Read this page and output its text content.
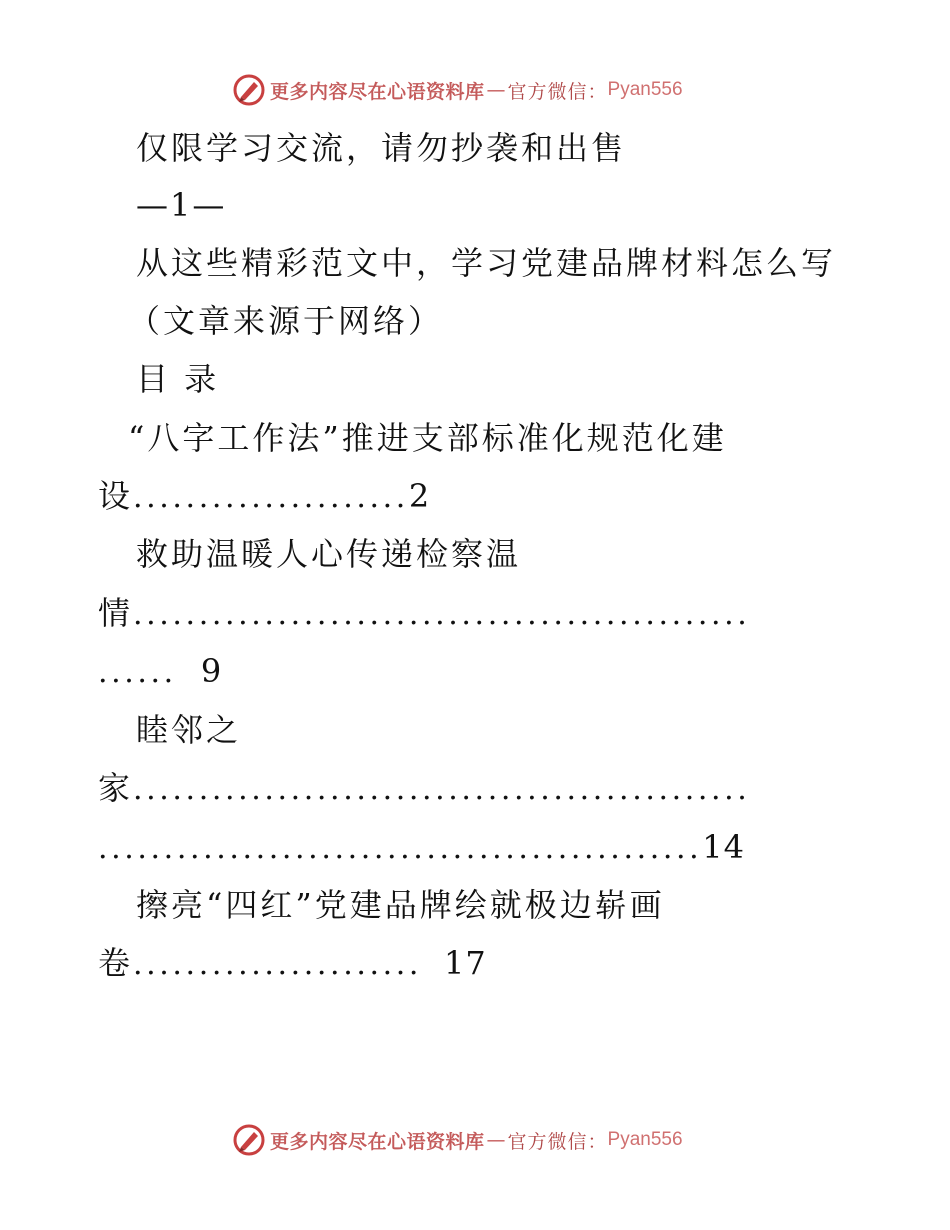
更多内容尽在心语资料库 — 官方微信： Pyan556
仅限学习交流，请勿抄袭和出售
—1—
从这些精彩范文中，学习党建品牌材料怎么写
（文章来源于网络）
目 录
“八字工作法”推进支部标准化规范化建
设.....................2
救助温暖人心传递检察温
情...............................................
...... 9
睦邻之
家...............................................
..............................................14
擦亮“四红”党建品牌绘就极边崭画
卷...................... 17
更多内容尽在心语资料库 — 官方微信： Pyan556
